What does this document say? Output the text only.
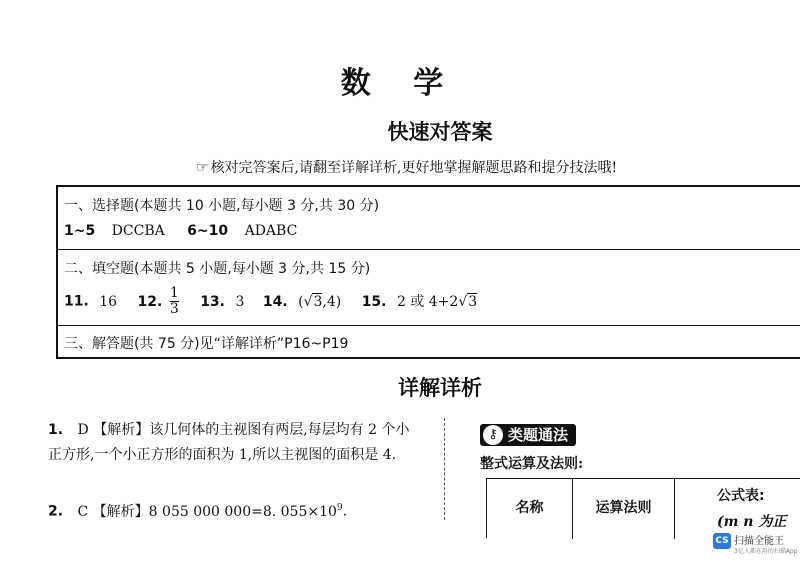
数 学
快速对答案
☞ 核对完答案后,请翻至详解详析,更好地掌握解题思路和提分技法哦!
一、选择题(本题共 10 小题,每小题 3 分,共 30 分)
1~5 DCCBA 6~10 ADABC
二、填空题(本题共 5 小题,每小题 3 分,共 15 分)
11. 16 12. $\frac{1}{3} 13$. 3 14. (√3,4) 15. 2 或 4+2√3
三、解答题(共 75 分)见“详解详析”P16~P19
详解详析
1. D 【解析】该几何体的主视图有两层,每层均有 2 个小正方形,一个小正方形的面积为 1,所以主视图的面积是 4.
2. C 【解析】8 055 000 000=8. $055\times 10^9$.
⚷ 类题通法
整式运算及法则:
名称	运算法则
公式表:
(m n 为正
CS 扫描全能王
3亿人都在用的扫描App
